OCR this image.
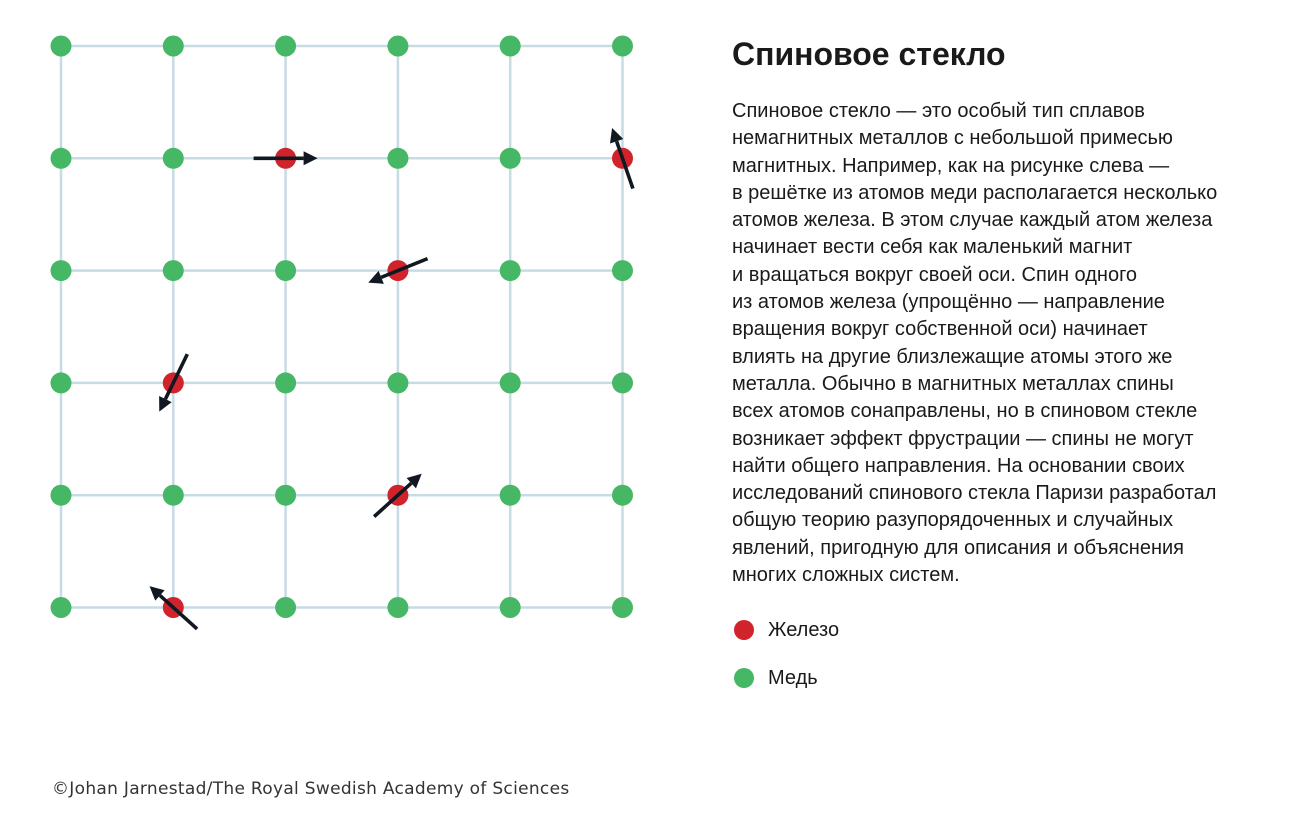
Спиновое стекло
Спиновое стекло — это особый тип сплавов
немагнитных металлов с небольшой примесью
магнитных. Например, как на рисунке слева —
в решётке из атомов меди располагается несколько
атомов железа. В этом случае каждый атом железа
начинает вести себя как маленький магнит
и вращаться вокруг своей оси. Спин одного
из атомов железа (упрощённо — направление
вращения вокруг собственной оси) начинает
влиять на другие близлежащие атомы этого же
металла. Обычно в магнитных металлах спины
всех атомов сонаправлены, но в спиновом стекле
возникает эффект фрустрации — спины не могут
найти общего направления. На основании своих
исследований спинового стекла Паризи разработал
общую теорию разупорядоченных и случайных
явлений, пригодную для описания и объяснения
многих сложных систем.
Железо
Медь
©Johan Jarnestad/The Royal Swedish Academy of Sciences
